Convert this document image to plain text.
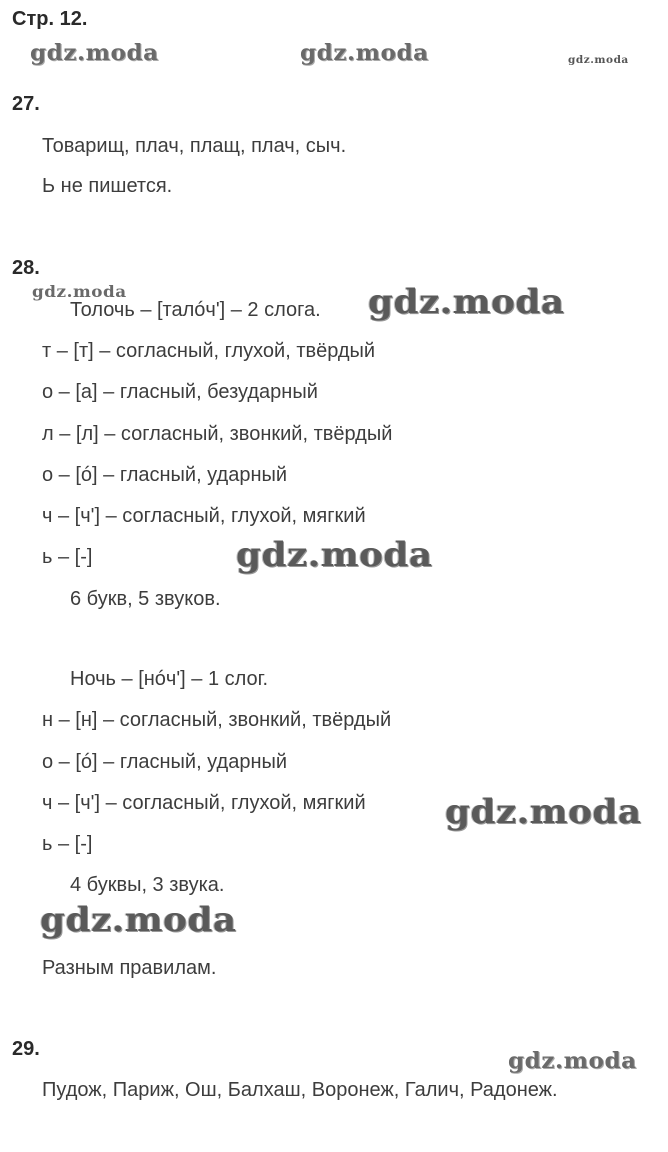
Стр. 12.
gdz.moda	gdz.moda	gdz.moda
27.
Товарищ, плач, плащ, плач, сыч.
Ь не пишется.
28.
gdz.moda
Толочь – [талóч'] – 2 слога. gdz.moda
т – [т] – согласный, глухой, твёрдый
о – [а] – гласный, безударный
л – [л] – согласный, звонкий, твёрдый
о – [ó] – гласный, ударный
ч – [ч'] – согласный, глухой, мягкий
ь – [-]	gdz.moda
6 букв, 5 звуков.
Ночь – [нóч'] – 1 слог.
н – [н] – согласный, звонкий, твёрдый
о – [ó] – гласный, ударный
ч – [ч'] – согласный, глухой, мягкий gdz.moda
ь – [-]
4 буквы, 3 звука.
gdz.moda
Разным правилам.
29.	gdz.moda
Пудож, Париж, Ош, Балхаш, Воронеж, Галич, Радонеж.
